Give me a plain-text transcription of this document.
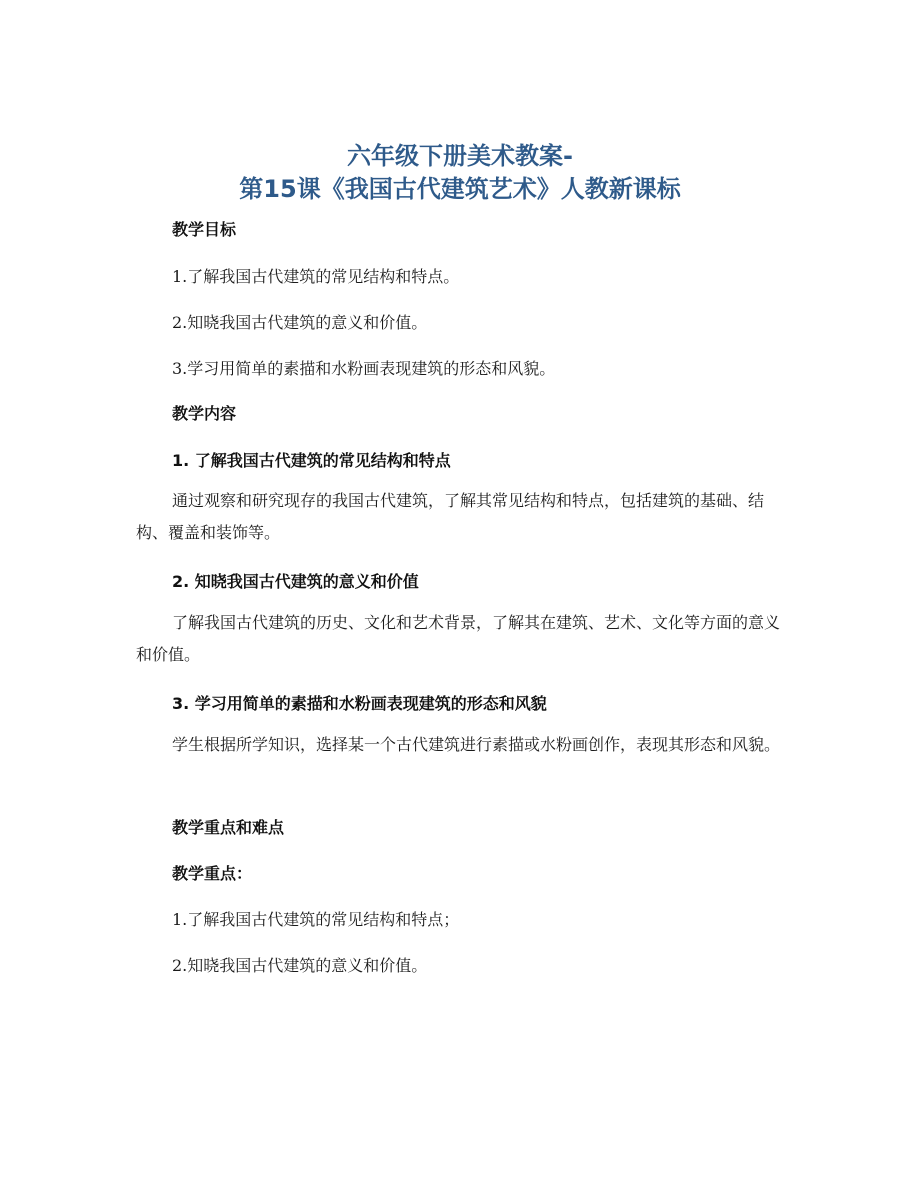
六年级下册美术教案-

第15课《我国古代建筑艺术》人教新课标

教学目标

1.了解我国古代建筑的常见结构和特点。

2.知晓我国古代建筑的意义和价值。

3.学习用简单的素描和水粉画表现建筑的形态和风貌。

教学内容

1. 了解我国古代建筑的常见结构和特点

通过观察和研究现存的我国古代建筑，了解其常见结构和特点，包括建筑的基础、结构、覆盖和装饰等。

2. 知晓我国古代建筑的意义和价值

了解我国古代建筑的历史、文化和艺术背景，了解其在建筑、艺术、文化等方面的意义和价值。

3. 学习用简单的素描和水粉画表现建筑的形态和风貌

学生根据所学知识，选择某一个古代建筑进行素描或水粉画创作，表现其形态和风貌。

教学重点和难点

教学重点：

1.了解我国古代建筑的常见结构和特点；

2.知晓我国古代建筑的意义和价值。
